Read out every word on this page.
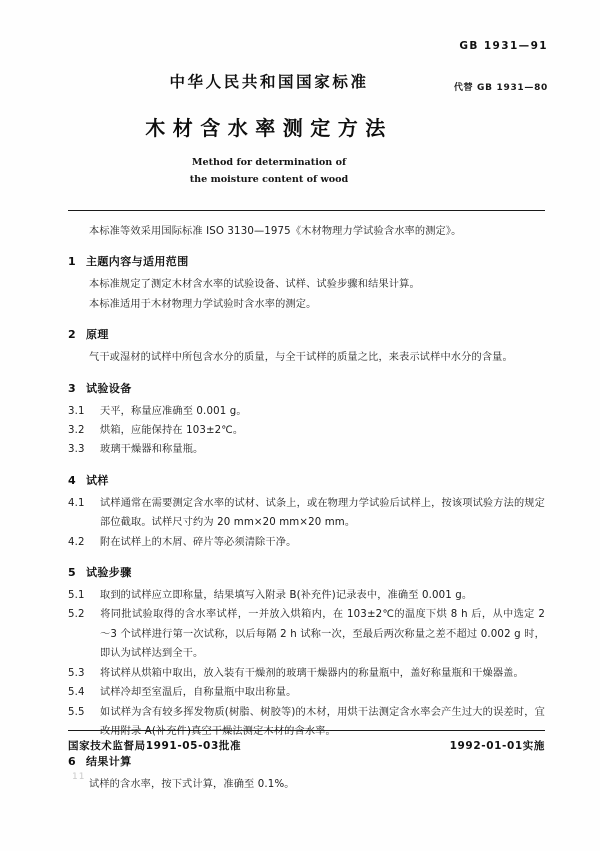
中华人民共和国国家标准
木材含水率测定方法
Method for determination of
the moisture content of wood
GB 1931—91
代替 GB 1931—80
本标准等效采用国际标准 ISO 3130—1975《木材物理力学试验含水率的测定》。
1 主题内容与适用范围
本标准规定了测定木材含水率的试验设备、试样、试验步骤和结果计算。
本标准适用于木材物理力学试验时含水率的测定。
2 原理
气干或湿材的试样中所包含水分的质量，与全干试样的质量之比，来表示试样中水分的含量。
3 试验设备
3.1 天平，称量应准确至 0.001 g。
3.2 烘箱，应能保持在 103±2℃。
3.3 玻璃干燥器和称量瓶。
4 试样
4.1 试样通常在需要测定含水率的试材、试条上，或在物理力学试验后试样上，按该项试验方法的规定部位截取。试样尺寸约为 20 mm×20 mm×20 mm。
4.2 附在试样上的木屑、碎片等必须清除干净。
5 试验步骤
5.1 取到的试样应立即称量，结果填写入附录 B(补充件)记录表中，准确至 0.001 g。
5.2 将同批试验取得的含水率试样，一并放入烘箱内，在 103±2℃的温度下烘 8 h 后，从中选定 2～3 个试样进行第一次试称，以后每隔 2 h 试称一次，至最后两次称量之差不超过 0.002 g 时，即认为试样达到全干。
5.3 将试样从烘箱中取出，放入装有干燥剂的玻璃干燥器内的称量瓶中，盖好称量瓶和干燥器盖。
5.4 试样冷却至室温后，自称量瓶中取出称量。
5.5 如试样为含有较多挥发物质(树脂、树胶等)的木材，用烘干法测定含水率会产生过大的误差时，宜改用附录 A(补充件)真空干燥法测定木材的含水率。
6 结果计算
试样的含水率，按下式计算，准确至 0.1%。
国家技术监督局1991-05-03批准	1992-01-01实施
11
